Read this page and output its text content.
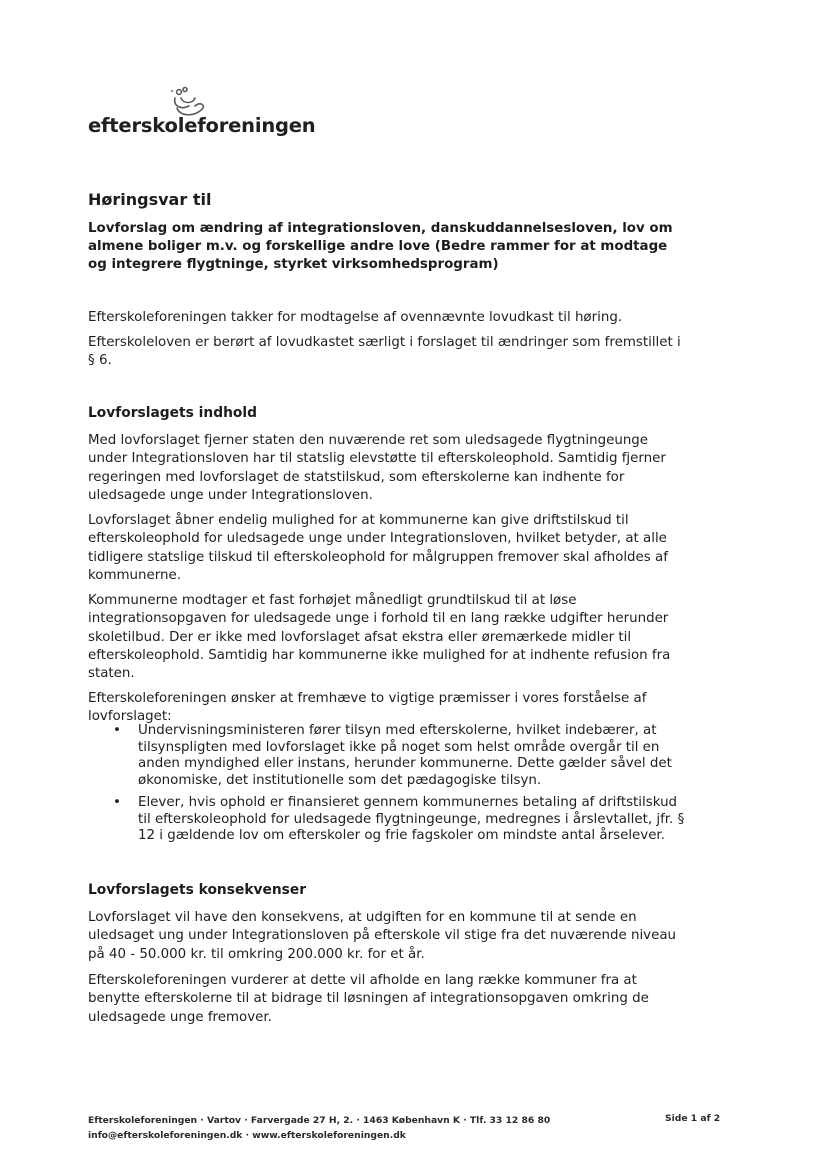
efterskoleforeningen
Høringsvar til

Lovforslag om ændring af integrationsloven, danskuddannelsesloven, lov om almene boliger m.v. og forskellige andre love (Bedre rammer for at modtage og integrere flygtninge, styrket virksomhedsprogram)

Efterskoleforeningen takker for modtagelse af ovennævnte lovudkast til høring.

Efterskoleloven er berørt af lovudkastet særligt i forslaget til ændringer som fremstillet i § 6.

Lovforslagets indhold

Med lovforslaget fjerner staten den nuværende ret som uledsagede flygtningeunge under Integrationsloven har til statslig elevstøtte til efterskoleophold. Samtidig fjerner regeringen med lovforslaget de statstilskud, som efterskolerne kan indhente for uledsagede unge under Integrationsloven.

Lovforslaget åbner endelig mulighed for at kommunerne kan give driftstilskud til efterskoleophold for uledsagede unge under Integrationsloven, hvilket betyder, at alle tidligere statslige tilskud til efterskoleophold for målgruppen fremover skal afholdes af kommunerne.

Kommunerne modtager et fast forhøjet månedligt grundtilskud til at løse integrationsopgaven for uledsagede unge i forhold til en lang række udgifter herunder skoletilbud. Der er ikke med lovforslaget afsat ekstra eller øremærkede midler til efterskoleophold. Samtidig har kommunerne ikke mulighed for at indhente refusion fra staten.

Efterskoleforeningen ønsker at fremhæve to vigtige præmisser i vores forståelse af lovforslaget:

• Undervisningsministeren fører tilsyn med efterskolerne, hvilket indebærer, at tilsynspligten med lovforslaget ikke på noget som helst område overgår til en anden myndighed eller instans, herunder kommunerne. Dette gælder såvel det økonomiske, det institutionelle som det pædagogiske tilsyn.
• Elever, hvis ophold er finansieret gennem kommunernes betaling af driftstilskud til efterskoleophold for uledsagede flygtningeunge, medregnes i årslevtallet, jfr. § 12 i gældende lov om efterskoler og frie fagskoler om mindste antal årselever.
Lovforslagets konsekvenser

Lovforslaget vil have den konsekvens, at udgiften for en kommune til at sende en uledsaget ung under Integrationsloven på efterskole vil stige fra det nuværende niveau på 40 - 50.000 kr. til omkring 200.000 kr. for et år.

Efterskoleforeningen vurderer at dette vil afholde en lang række kommuner fra at benytte efterskolerne til at bidrage til løsningen af integrationsopgaven omkring de uledsagede unge fremover.

Efterskoleforeningen · Vartov · Farvergade 27 H, 2. · 1463 København K · Tlf. 33 12 86 80
info@efterskoleforeningen.dk · www.efterskoleforeningen.dk
Side 1 af 2
